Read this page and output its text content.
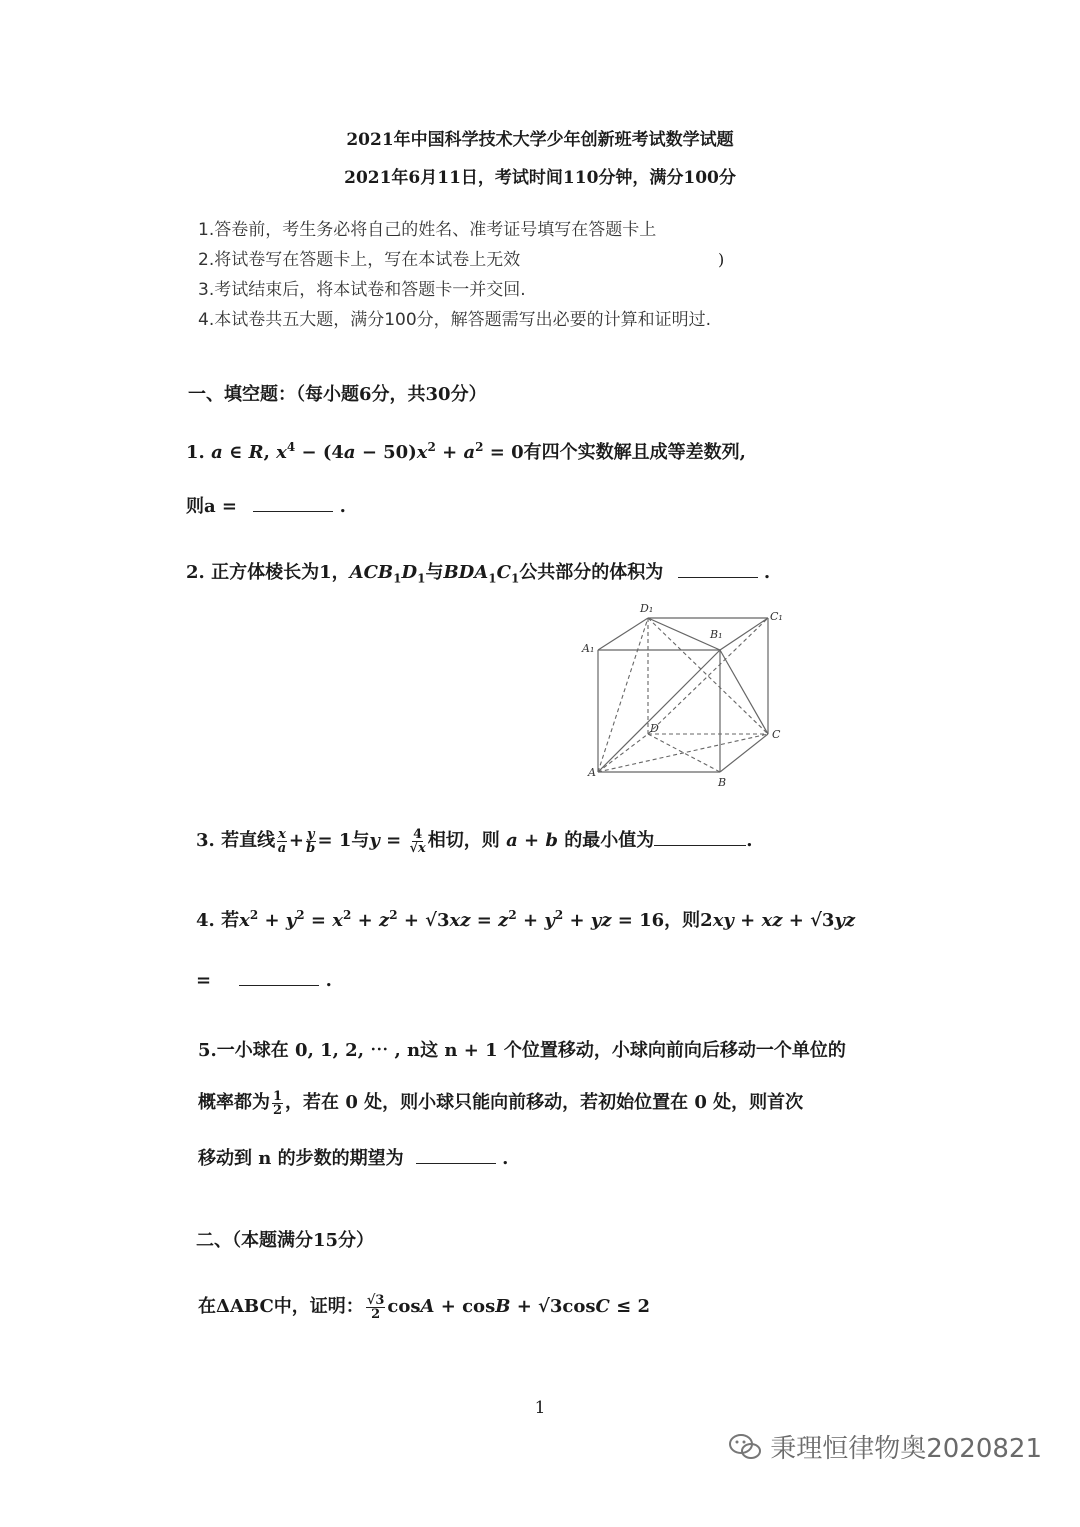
2021年中国科学技术大学少年创新班考试数学试题
2021年6月11日，考试时间110分钟，满分100分
1.答卷前，考生务必将自己的姓名、准考证号填写在答题卡上
2.将试卷写在答题卡上，写在本试卷上无效	)
3.考试结束后，将本试卷和答题卡一并交回.
4.本试卷共五大题，满分100分，解答题需写出必要的计算和证明过.
一、填空题：（每小题6分，共30分）
1. a ∈ R, $x^4 - (4a - 50)x^2 + a^2 = 0$有四个实数解且成等差数列,
则a =	.
2. 正方体棱长为1，$ACB_1D_1$与$BDA_1C_1$公共部分的体积为	.
D₁
C₁
A₁
B₁
D	C
A
B
3. 若直线 $\frac{x}{a} + \frac{y}{b} = 1$与$y = \frac{4}{√x}$ 相切，则 a + b 的最小值为	.
4. 若$x^2 + y^2 = x^2 + z^2 + √3xz = z^2 + y^2$ + yz = 16，则2xy + xz + √3yz
=	.
5.一小球在 0, 1, 2, ⋯ , n这 n + 1 个位置移动，小球向前向后移动一个单位的
概率都为 $\frac{1}{2}$ ，若在 0 处，则小球只能向前移动，若初始位置在 0 处，则首次
移动到 n 的步数的期望为	.
二、（本题满分15分）
在ΔABC中，证明： $\frac{√3}{2}$ cosA + cosB + √3cosC ≤ 2
1
秉理恒律物奥2020821
